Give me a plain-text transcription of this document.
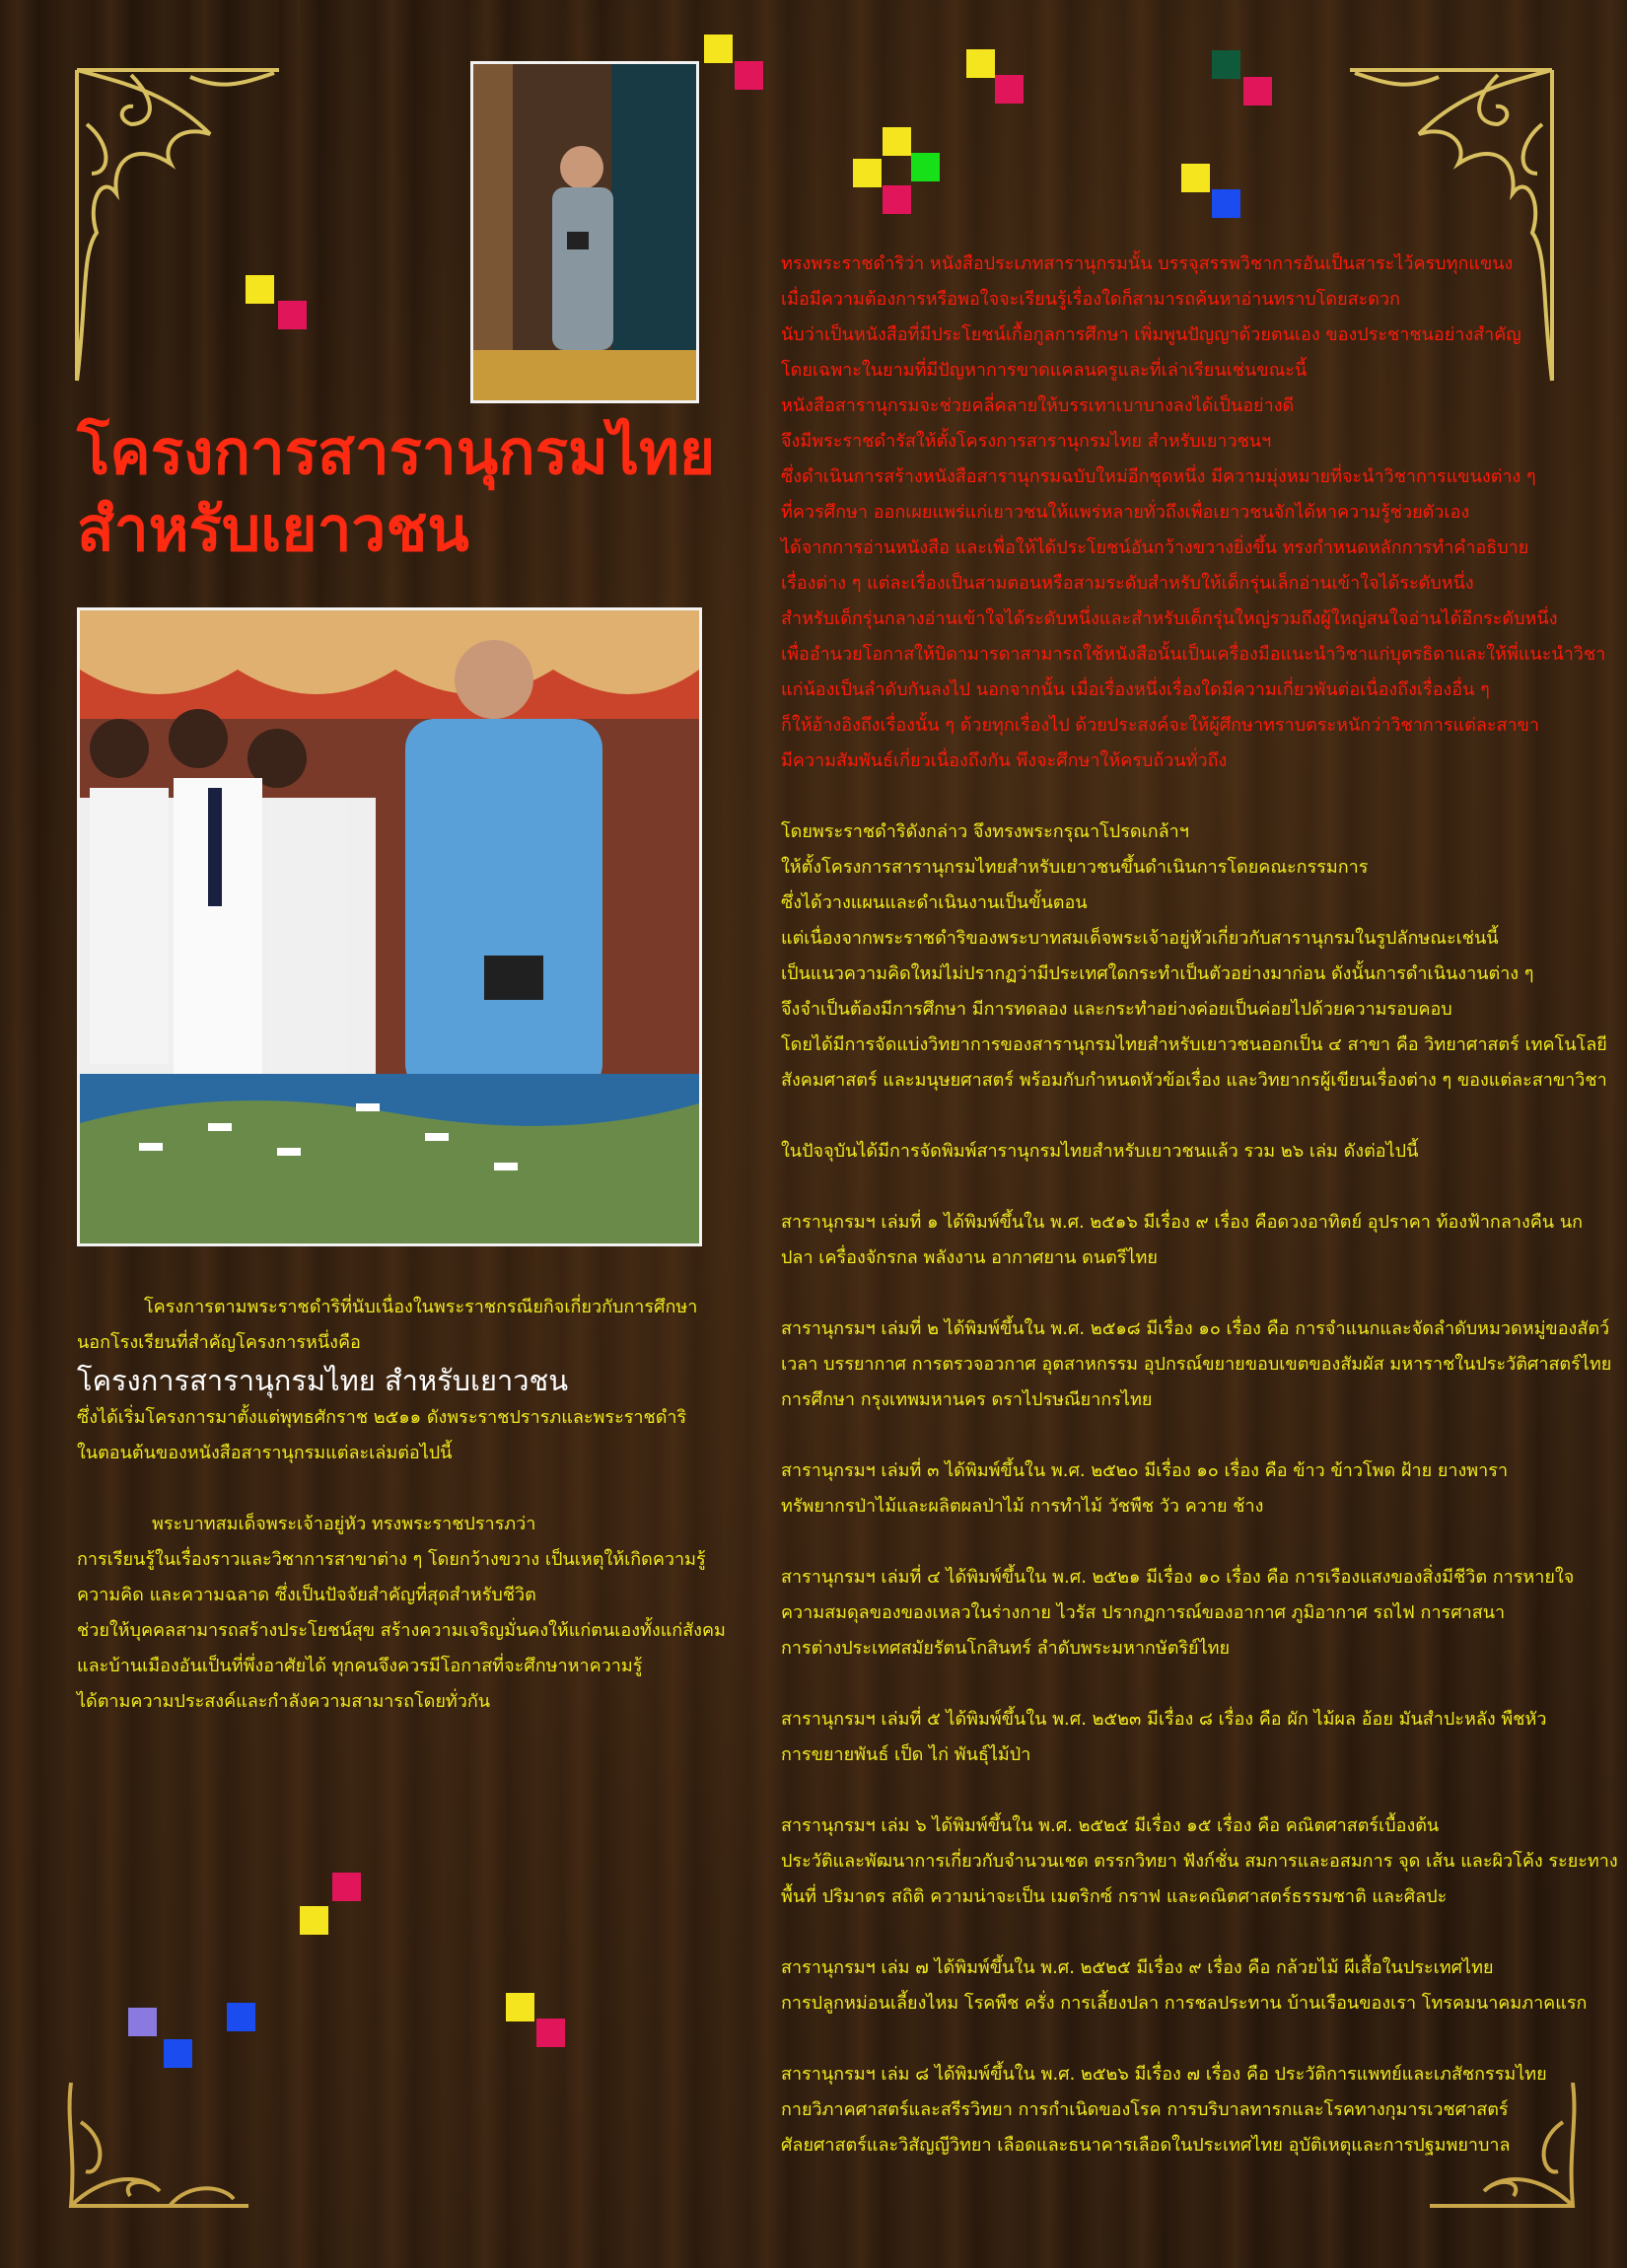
โครงการสารานุกรมไทย
สำหรับเยาวชน
โครงการตามพระราชดำริที่นับเนื่องในพระราชกรณียกิจเกี่ยวกับการศึกษา
นอกโรงเรียนที่สำคัญโครงการหนึ่งคือ
โครงการสารานุกรมไทย สำหรับเยาวชน
ซึ่งได้เริ่มโครงการมาตั้งแต่พุทธศักราช ๒๕๑๑ ดังพระราชปรารภและพระราชดำริ
ในตอนต้นของหนังสือสารานุกรมแต่ละเล่มต่อไปนี้
พระบาทสมเด็จพระเจ้าอยู่หัว ทรงพระราชปรารภว่า
การเรียนรู้ในเรื่องราวและวิชาการสาขาต่าง ๆ โดยกว้างขวาง เป็นเหตุให้เกิดความรู้
ความคิด และความฉลาด ซึ่งเป็นปัจจัยสำคัญที่สุดสำหรับชีวิต
ช่วยให้บุคคลสามารถสร้างประโยชน์สุข สร้างความเจริญมั่นคงให้แก่ตนเองทั้งแก่สังคม
และบ้านเมืองอันเป็นที่พึ่งอาศัยได้ ทุกคนจึงควรมีโอกาสที่จะศึกษาหาความรู้
ได้ตามความประสงค์และกำลังความสามารถโดยทั่วกัน

ทรงพระราชดำริว่า หนังสือประเภทสารานุกรมนั้น บรรจุสรรพวิชาการอันเป็นสาระไว้ครบทุกแขนง
เมื่อมีความต้องการหรือพอใจจะเรียนรู้เรื่องใดก็สามารถค้นหาอ่านทราบโดยสะดวก
นับว่าเป็นหนังสือที่มีประโยชน์เกื้อกูลการศึกษา เพิ่มพูนปัญญาด้วยตนเอง ของประชาชนอย่างสำคัญ
โดยเฉพาะในยามที่มีปัญหาการขาดแคลนครูและที่เล่าเรียนเช่นขณะนี้
หนังสือสารานุกรมจะช่วยคลี่คลายให้บรรเทาเบาบางลงได้เป็นอย่างดี
จึงมีพระราชดำรัสให้ตั้งโครงการสารานุกรมไทย สำหรับเยาวชนฯ
ซึ่งดำเนินการสร้างหนังสือสารานุกรมฉบับใหม่อีกชุดหนึ่ง มีความมุ่งหมายที่จะนำวิชาการแขนงต่าง ๆ
ที่ควรศึกษา ออกเผยแพร่แก่เยาวชนให้แพร่หลายทั่วถึงเพื่อเยาวชนจักได้หาความรู้ช่วยตัวเอง
ได้จากการอ่านหนังสือ และเพื่อให้ได้ประโยชน์อันกว้างขวางยิ่งขึ้น ทรงกำหนดหลักการทำคำอธิบาย
เรื่องต่าง ๆ แต่ละเรื่องเป็นสามตอนหรือสามระดับสำหรับให้เด็กรุ่นเล็กอ่านเข้าใจได้ระดับหนึ่ง
สำหรับเด็กรุ่นกลางอ่านเข้าใจได้ระดับหนึ่งและสำหรับเด็กรุ่นใหญ่รวมถึงผู้ใหญ่สนใจอ่านได้อีกระดับหนึ่ง
เพื่ออำนวยโอกาสให้บิดามารดาสามารถใช้หนังสือนั้นเป็นเครื่องมือแนะนำวิชาแก่บุตรธิดาและให้พี่แนะนำวิชา
แก่น้องเป็นลำดับกันลงไป นอกจากนั้น เมื่อเรื่องหนึ่งเรื่องใดมีความเกี่ยวพันต่อเนื่องถึงเรื่องอื่น ๆ
ก็ให้อ้างอิงถึงเรื่องนั้น ๆ ด้วยทุกเรื่องไป ด้วยประสงค์จะให้ผู้ศึกษาทราบตระหนักว่าวิชาการแต่ละสาขา
มีความสัมพันธ์เกี่ยวเนื่องถึงกัน พึงจะศึกษาให้ครบถ้วนทั่วถึง

โดยพระราชดำริดังกล่าว จึงทรงพระกรุณาโปรดเกล้าฯ
ให้ตั้งโครงการสารานุกรมไทยสำหรับเยาวชนขึ้นดำเนินการโดยคณะกรรมการ
ซึ่งได้วางแผนและดำเนินงานเป็นขั้นตอน
แต่เนื่องจากพระราชดำริของพระบาทสมเด็จพระเจ้าอยู่หัวเกี่ยวกับสารานุกรมในรูปลักษณะเช่นนี้
เป็นแนวความคิดใหม่ไม่ปรากฏว่ามีประเทศใดกระทำเป็นตัวอย่างมาก่อน ดังนั้นการดำเนินงานต่าง ๆ
จึงจำเป็นต้องมีการศึกษา มีการทดลอง และกระทำอย่างค่อยเป็นค่อยไปด้วยความรอบคอบ
โดยได้มีการจัดแบ่งวิทยาการของสารานุกรมไทยสำหรับเยาวชนออกเป็น ๔ สาขา คือ วิทยาศาสตร์ เทคโนโลยี
สังคมศาสตร์ และมนุษยศาสตร์ พร้อมกับกำหนดหัวข้อเรื่อง และวิทยากรผู้เขียนเรื่องต่าง ๆ ของแต่ละสาขาวิชา

ในปัจจุบันได้มีการจัดพิมพ์สารานุกรมไทยสำหรับเยาวชนแล้ว รวม ๒๖ เล่ม ดังต่อไปนี้

สารานุกรมฯ เล่มที่ ๑ ได้พิมพ์ขึ้นใน พ.ศ. ๒๕๑๖ มีเรื่อง ๙ เรื่อง คือดวงอาทิตย์ อุปราคา ท้องฟ้ากลางคืน นก
ปลา เครื่องจักรกล พลังงาน อากาศยาน ดนตรีไทย

สารานุกรมฯ เล่มที่ ๒ ได้พิมพ์ขึ้นใน พ.ศ. ๒๕๑๘ มีเรื่อง ๑๐ เรื่อง คือ การจำแนกและจัดลำดับหมวดหมู่ของสัตว์
เวลา บรรยากาศ การตรวจอวกาศ อุตสาหกรรม อุปกรณ์ขยายขอบเขตของสัมผัส มหาราชในประวัติศาสตร์ไทย
การศึกษา กรุงเทพมหานคร ดราไปรษณียากรไทย

สารานุกรมฯ เล่มที่ ๓ ได้พิมพ์ขึ้นใน พ.ศ. ๒๕๒๐ มีเรื่อง ๑๐ เรื่อง คือ ข้าว ข้าวโพด ฝ้าย ยางพารา
ทรัพยากรป่าไม้และผลิตผลป่าไม้ การทำไม้ วัชพืช วัว ควาย ช้าง

สารานุกรมฯ เล่มที่ ๔ ได้พิมพ์ขึ้นใน พ.ศ. ๒๕๒๑ มีเรื่อง ๑๐ เรื่อง คือ การเรืองแสงของสิ่งมีชีวิต การหายใจ
ความสมดุลของของเหลวในร่างกาย ไวรัส ปรากฏการณ์ของอากาศ ภูมิอากาศ รถไฟ การศาสนา
การต่างประเทศสมัยรัตนโกสินทร์ ลำดับพระมหากษัตริย์ไทย

สารานุกรมฯ เล่มที่ ๕ ได้พิมพ์ขึ้นใน พ.ศ. ๒๕๒๓ มีเรื่อง ๘ เรื่อง คือ ผัก ไม้ผล อ้อย มันสำปะหลัง พืชหัว
การขยายพันธ์ เป็ด ไก่ พันธุ์ไม้ป่า

สารานุกรมฯ เล่ม ๖ ได้พิมพ์ขึ้นใน พ.ศ. ๒๕๒๕ มีเรื่อง ๑๕ เรื่อง คือ คณิตศาสตร์เบื้องต้น
ประวัติและพัฒนาการเกี่ยวกับจำนวนเชต ตรรกวิทยา ฟังก์ชั่น สมการและอสมการ จุด เส้น และผิวโค้ง ระยะทาง
พื้นที่ ปริมาตร สถิติ ความน่าจะเป็น เมตริกซ์ กราฟ และคณิตศาสตร์ธรรมชาติ และศิลปะ

สารานุกรมฯ เล่ม ๗ ได้พิมพ์ขึ้นใน พ.ศ. ๒๕๒๕ มีเรื่อง ๙ เรื่อง คือ กล้วยไม้ ผีเสื้อในประเทศไทย
การปลูกหม่อนเลี้ยงไหม โรคพืช ครั่ง การเลี้ยงปลา การชลประทาน บ้านเรือนของเรา โทรคมนาคมภาคแรก

สารานุกรมฯ เล่ม ๘ ได้พิมพ์ขึ้นใน พ.ศ. ๒๕๒๖ มีเรื่อง ๗ เรื่อง คือ ประวัติการแพทย์และเภสัชกรรมไทย
กายวิภาคศาสตร์และสรีรวิทยา การกำเนิดของโรค การบริบาลทารกและโรคทางกุมารเวชศาสตร์
ศัลยศาสตร์และวิสัญญีวิทยา เลือดและธนาคารเลือดในประเทศไทย อุบัติเหตุและการปฐมพยาบาล
